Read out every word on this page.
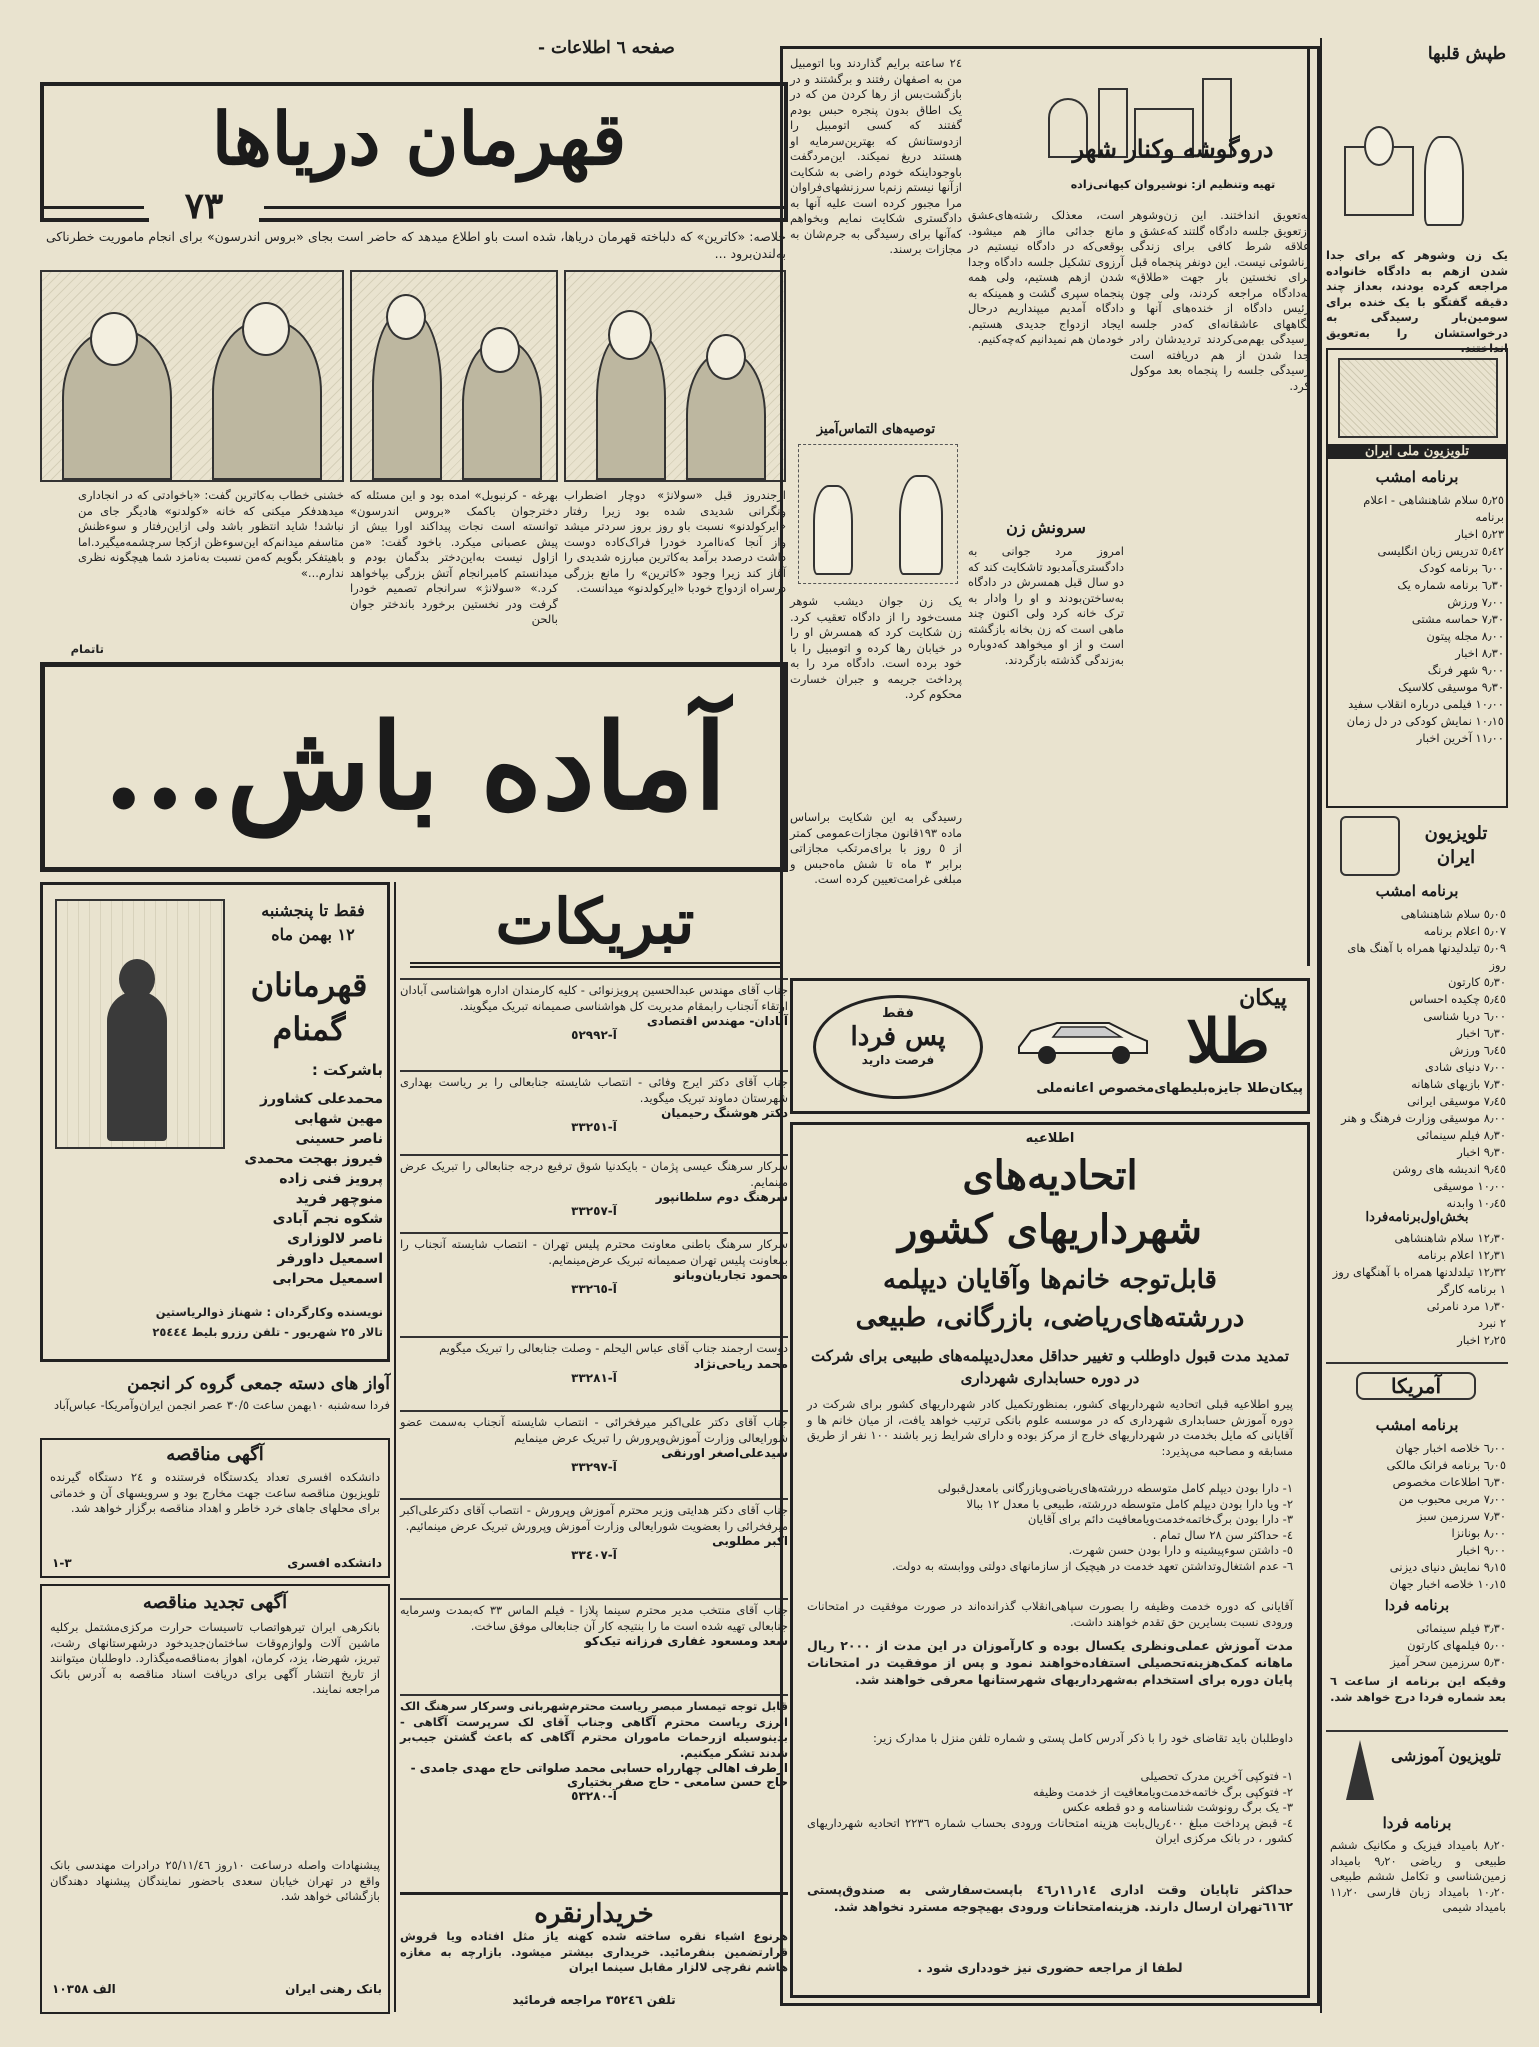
صفحه ٦ اطلاعات -
قهرمان درياها
٧٣
خلاصه: «کاترين» که دلباخته قهرمان درياها، شده است باو اطلاع ميدهد که حاضر است بجای «بروس اندرسون» برای انجام ماموريت خطرناکی به‌لندن‌برود ...
ازجندروز قبل «سولانژ» دوچار اضطراب ونگرانی شديدی شده بود زيرا رفتار «ايرکولدنو» نسبت باو روز بروز سردتر ميشد واز آنجا که‌ناامرد خودرا فراک‌کاده دوست داشت درصدد برآمد به‌کاترين مبارزه شديدی را آغاز کند زيرا وجود «کاترين» را مانع بزرگی درسراه ازدواج خودبا «ايرکولدنو» ميدانست.
بهرغه - کرنبويل» امده بود و اين مسئله که دخترجوان باکمک «بروس اندرسون» توانسته است نجات پيداکند اورا بيش از پيش عصبانی ميکرد. باخود گفت: «من ازاول نيست به‌اين‌دختر بدگمان بودم و ميدانستم کامبرانجام آتش بزرگی بپاخواهد کرد.» «سولانژ» سرانجام تصميم خودرا گرفت ودر نخستين برخورد باندختر جوان بالحن
خشنی خطاب به‌کاترين گفت: «باخوادتی که در انجاداری ميدهدفکر ميکنی که خانه «کولدنو» هاديگر جای من نباشد! شايد انتظور باشد ولی ازاين‌رفتار و سوءظنش متاسفم ميدانم‌که اين‌سوءظن ازکجا سرچشمه‌ميگيرد.اما باهيتفکر بگويم که‌من نسبت به‌نامزد شما هيچگونه نظری ندارم...»
تاتمام
آماده باش...
فقط تا پنجشنبه
١٢ بهمن ماه
قهرمانان
گمنام
باشرکت :
محمدعلی کشاورز
مهين شهابی
ناصر حسينی
فيروز بهجت محمدی
پرويز فنی زاده
منوچهر فريد
شکوه نجم آبادی
ناصر لالوزاری
اسمعيل داورفر
اسمعيل محرابی
نويسنده وکارگردان : شهناز ذوالرياستين
تالار ٢٥ شهريور - تلفن رزرو بليط ٢٥٤٤٤
آواز های دسته جمعی گروه کر انجمن
فردا سه‌شنبه ١٠بهمن ساعت ٣٠/٥ عصر انجمن ايران‌وآمريکا- عباس‌آباد
آگهی مناقصه
دانشکده افسری تعداد يکدستگاه فرستنده و ٢٤ دستگاه گيرنده تلويزيون مناقصه ساعت جهت مخارج بود و سرويسهای آن و خدماتی برای محلهای جاهای خرد خاطر و اهداد مناقصه برگزار خواهد شد.
دانشکده افسری
٣-١
آگهی تجديد مناقصه
بانکرهی ايران تيرهواتصاب تاسيسات حرارت مرکزی‌مشتمل برکليه ماشين آلات ولوازم‌وقات ساختمان‌جديدخود درشهرستانهای رشت، تبريز، شهرضا، يزد، کرمان، اهواز به‌مناقصه‌ميگذارد. داوطلبان ميتوانند از تاريخ انتشار آگهی برای دريافت اسناد مناقصه به آدرس بانک مراجعه نمايند.
پيشنهادات واصله درساعت ١٠روز ٢٥/١١/٤٦ درادرات مهندسی بانک واقع در تهران خيابان سعدی باحضور نمايندگان پيشنهاد دهندگان بازگشائی خواهد شد.
بانک رهنی ايران
الف ١٠٣٥٨
تبريکات
جناب آقای مهندس عبدالحسين پرويزنوائی - کليه کارمندان اداره هواشناسی آبادان ارتقاء آنجناب رابمقام مديريت کل هواشناسی صميمانه تبريک ميگويند.
آبادان- مهندس اقتصادی
آ-٥٢٩٩٢
جناب آقای دکتر ايرج وفائی - انتصاب شايسته جنابعالی را بر رياست بهداری شهرستان دماوند تبريک ميگويد.
دکتر هوشنگ رحيميان
آ-٣٣٢٥١
سرکار سرهنگ عيسی پژمان - بايکدنيا شوق ترفيع درجه جنابعالی را تبريک عرض مينمايم.
سرهنگ دوم سلطانپور
آ-٣٣٢٥٧
سرکار سرهنگ باطنی معاونت محترم پليس تهران - انتصاب شايسته آنجناب را بمعاونت پليس تهران صميمانه تبريک عرض‌مينمايم.
محمود تجاريان‌وبانو
آ-٣٣٢٦٥
دوست ارجمند جناب آقای عباس اليحلم - وصلت جنابعالی را تبريک ميگويم
محمد رياحی‌نژاد
آ-٣٣٢٨١
جناب آقای دکتر علی‌اکبر ميرفخرائی - انتصاب شايسته آنجناب به‌سمت عضو شورايعالی وزارت آموزش‌وپرورش را تبريک عرض مينمايم
سيدعلی‌اصغر اورنقی
آ-٣٣٢٩٧
جناب آقای دکتر هدايتی وزير محترم آموزش وپرورش - انتصاب آقای دکترعلی‌اکبر ميرفخرائی را بعضويت شورايعالی وزارت آموزش وپرورش تبريک عرض مينمائيم.
اکبر مطلوبی
آ-٣٣٤٠٧
جناب آقای منتخب مدير محترم سينما پلازا - فيلم الماس ٣٣ که‌بمدت وسرمايه جنابعالی تهيه شده است ما را بنتيجه کار آن جنابعالی موفق ساخت.
سعد ومسعود غفاری فرزانه تيک‌کو
قابل توجه تيمسار مبصر رياست محترم‌شهربانی وسرکار سرهنگ الک ابرزی رياست محترم آگاهی وجناب آقای لک سرپرست آگاهی - بدينوسيله ازرحمات ماموران محترم آگاهی که باعث گشتن جيب‌بر شدند تشکر ميکنيم.
ازطرف اهالی چهارراه حسابی محمد صلواتی حاج مهدی جامدی - حاج حسن سامعی - حاج صفر بختياری
آ-٥٣٢٨٠
خريدارنقره
هرنوع اشياء نقره ساخته شده کهنه ياز مثل افتاده ويا قروش قرارتضمين بنفرمائيد. خريداری بيشتر ميشود. بازارچه به مغازه هاشم نقرچی لالزار مقابل سينما ايران
تلفن ٣٥٢٤٦ مراجعه فرمائيد
دروگوشه وکنار شهر
تهيه وتنظيم از: نوشيروان کيهانی‌زاده
به‌تعويق انداختند. اين زن‌وشوهر ازتعويق جلسه دادگاه گلتند که‌عشق و علاقه شرط کافی برای زندگی زناشوئی نيست. اين دونفر پنجماه قبل برای نخستين بار جهت «طلاق» به‌دادگاه مراجعه کردند، ولی چون رئيس دادگاه از خنده‌های آنها و نگاههای عاشقانه‌ای که‌در جلسه رسيدگی بهم‌می‌کردند ترديدشان رادر جدا شدن از هم دريافته است رسيدگی جلسه را پنجماه بعد موکول کرد.
است، معذلک رشته‌های‌عشق مانع جدائی مااز هم ميشود. بوقعی‌که در دادگاه نيستيم در آرزوی تشکيل جلسه دادگاه وجدا شدن ازهم هستيم، ولی همه پنجماه سپری گشت و همينکه به دادگاه آمديم ميپنداريم درحال ايجاد ازدواج جديدی هستيم. خودمان هم نميدانيم که‌چه‌کنيم.
سرونش زن
امروز مرد جوانی به دادگستری‌آمدبود تاشکايت کند که دو سال قبل همسرش در دادگاه به‌ساختن‌بودند و او را وادار به ترک خانه کرد ولی اکنون چند ماهی است که زن بخانه بازگشته است و از او ميخواهد که‌دوباره به‌زندگی گذشته بازگردند.
٢٤ ساعته برايم گذاردند وبا اتومبيل من به اصفهان رفتند و برگشتند و در بازگشت‌بس از رها کردن من که در يک اطاق بدون پنجره حبس بودم گفتند که کسی اتومبيل را ازدوستانش که بهترين‌سرمايه او هستند دريغ نميکند. اين‌مردگفت باوجوداينکه خودم راضی به شکايت ازآنها نيستم زنم‌با سرزنشهای‌فراوان مرا مجبور کرده است عليه آنها به دادگستری شکايت نمايم وبخواهم که‌آنها برای رسيدگی به جرم‌شان به مجازات برسند.
توصيه‌های التماس‌آميز
يک زن جوان ديشب شوهر مست‌خود را از دادگاه تعقيب کرد. زن شکايت کرد که همسرش او را در خيابان رها کرده و اتومبيل را با خود برده است. دادگاه مرد را به پرداخت جريمه و جبران خسارت محکوم کرد.
رسيدگی به اين شکايت براساس ماده ١٩٣قانون مجازات‌عمومی کمتر از ٥ روز با برای‌مرتکب مجازاتی برابر ٣ ماه تا شش ماه‌حبس و مبلغی غرامت‌تعيين کرده است.
پيکان
طلا
پيکان‌طلا جايزه‌بليطهای‌مخصوص اعانه‌ملی
فقط
پس فردا
فرصت داريد
اطلاعيه
اتحاديه‌های
شهرداريهای کشور
قابل‌توجه خانم‌ها وآقايان ديپلمه
دررشته‌های‌رياضی، بازرگانی، طبيعی
تمديد مدت قبول داوطلب و تغيير حداقل معدل‌ديپلمه‌های طبيعی برای شرکت در دوره حسابداری شهرداری
پيرو اطلاعيه قبلی اتحاديه شهرداريهای کشور، بمنظورتکميل کادر شهرداريهای کشور برای شرکت در دوره آموزش حسابداری شهرداری که در موسسه علوم بانکی ترتيب خواهد يافت، از ميان خانم ها و آقايانی که مايل بخدمت در شهرداريهای خارج از مرکز بوده و دارای شرايط زير باشند ١٠٠ نفر از طريق مسابقه و مصاحبه می‌پذيرد:
١- دارا بودن ديپلم کامل متوسطه دررشته‌های‌رياضی‌وبازرگانی بامعدل‌قبولی
٢- ويا دارا بودن ديپلم کامل متوسطه دررشته، طبيعی با معدل ١٢ ببالا
٣- دارا بودن برگ‌خاتمه‌خدمت‌ويامعافيت دائم برای آقايان
٤- حداکثر سن ٢٨ سال تمام .
٥- داشتن سوءپيشينه و دارا بودن حسن شهرت.
٦- عدم اشتغال‌وتداشتن تعهد خدمت در هيچيک از سازمانهای دولتی ووابسته به دولت.
آقايانی که دوره خدمت وظيفه را بصورت سپاهی‌انقلاب گذرانده‌اند در صورت موفقيت در امتحانات ورودی نسبت بساير‌ين حق تقدم خواهند داشت.
مدت آموزش عملی‌ونظری يکسال بوده و کارآموزان در اين مدت از ٢٠٠٠ ريال ماهانه کمک‌هزينه‌تحصيلی استفاده‌خواهند نمود و پس از موفقيت در امتحانات پايان دوره برای استخدام به‌شهرداريهای شهرستانها معرفی خواهند شد.
داوطلبان بايد تقاضای خود را با ذکر آدرس کامل پستی و شماره تلفن منزل با مدارک زير:
١- فتوکپی آخرين مدرک تحصيلی
٢- فتوکپی برگ خاتمه‌خدمت‌ويامعافيت از خدمت وظيفه
٣- يک برگ رونوشت شناسنامه و دو قطعه عکس
٤- قبض پرداخت مبلغ ٤٠٠ريال‌بابت هزينه امتحانات ورودی بحساب شماره ٢٢٣٦ اتحاديه شهرداريهای کشور ، در بانک مرکزی ايران
حداکثر تاپايان وقت اداری ١٤ر١١ر٤٦ باپست‌سفارشی به صندوق‌پستی ٦١٦٢تهران ارسال دارند. هزينه‌امتحانات ورودی بهيچوجه مسترد نخواهد شد.
لطفا از مراجعه حضوری نيز خودداری شود .
طپش قلبها
يک زن وشوهر که برای جدا شدن ازهم به دادگاه خانواده مراجعه کرده بودند، بعداز چند دقيقه گفتگو با يک خنده برای سومين‌بار رسيدگی به درخواستشان را به‌تعويق انداختند.
تلويزيون ملی ايران
برنامه امشب
٥٫٢٥ سلام شاهنشاهی - اعلام برنامه
٥٫٢٣ اخبار
٥٫٤٢ تدريس زبان انگليسی
٦٫٠٠ برنامه کودک
٦٫٣٠ برنامه شماره يک
٧٫٠٠ ورزش
٧٫٣٠ حماسه مشتی
٨٫٠٠ مجله پيتون
٨٫٣٠ اخبار
٩٫٠٠ شهر فرنگ
٩٫٣٠ موسيقی کلاسيک
١٠٫٠٠ فيلمی درباره انقلاب سفيد
١٠٫١٥ نمايش کودکی در دل زمان
١١٫٠٠ آخرين اخبار
تلويزيون ايران
برنامه امشب
٥٫٠٥ سلام شاهنشاهی
٥٫٠٧ اعلام برنامه
٥٫٠٩ تيلدليدنها همراه با آهنگ های روز
٥٫٣٠ کارتون
٥٫٤٥ چکيده احساس
٦٫٠٠ دريا شناسی
٦٫٣٠ اخبار
٦٫٤٥ ورزش
٧٫٠٠ دنيای شادی
٧٫٣٠ بازيهای شاهانه
٧٫٤٥ موسيقی ايرانی
٨٫٠٠ موسيقی وزارت فرهنگ و هنر
٨٫٣٠ فيلم سينمائی
٩٫٣٠ اخبار
٩٫٤٥ انديشه های روشن
١٠٫٠٠ موسيقی
١٠٫٤٥ وابدنه
بخش‌اول‌برنامه‌فردا
١٢٫٣٠ سلام شاهنشاهی
١٢٫٣١ اعلام برنامه
١٢٫٣٢ تيلدلدنها همراه با آهنگهای روز
١ برنامه کارگر
١٫٣٠ مرد نامرئی
٢ نبرد
٢٫٢٥ اخبار
آمريکا
برنامه امشب
٦٫٠٠ خلاصه اخبار جهان
٦٫٠٥ برنامه فرانک مالکی
٦٫٣٠ اطلاعات مخصوص
٧٫٠٠ مربی محبوب من
٧٫٣٠ سرزمين سبز
٨٫٠٠ بونانزا
٩٫٠٠ اخبار
٩٫١٥ نمايش دنيای ديزنی
١٠٫١٥ خلاصه اخبار جهان
برنامه فردا
٣٫٣٠ فيلم سينمائی
٥٫٠٠ فيلمهای کارتون
٥٫٣٠ سرزمين سحر آميز
وقيکه اين برنامه از ساعت ٦ بعد شماره فردا درج خواهد شد.
تلويزيون آموزشی
برنامه فردا
٨٫٢٠ باميداد فيزيک و مکانيک ششم طبيعی و رياضی ٩٫٢٠ باميداد زمين‌شناسی و تکامل ششم طبيعی ١٠٫٢٠ باميداد زبان فارسی ١١٫٢٠ باميداد شيمی
